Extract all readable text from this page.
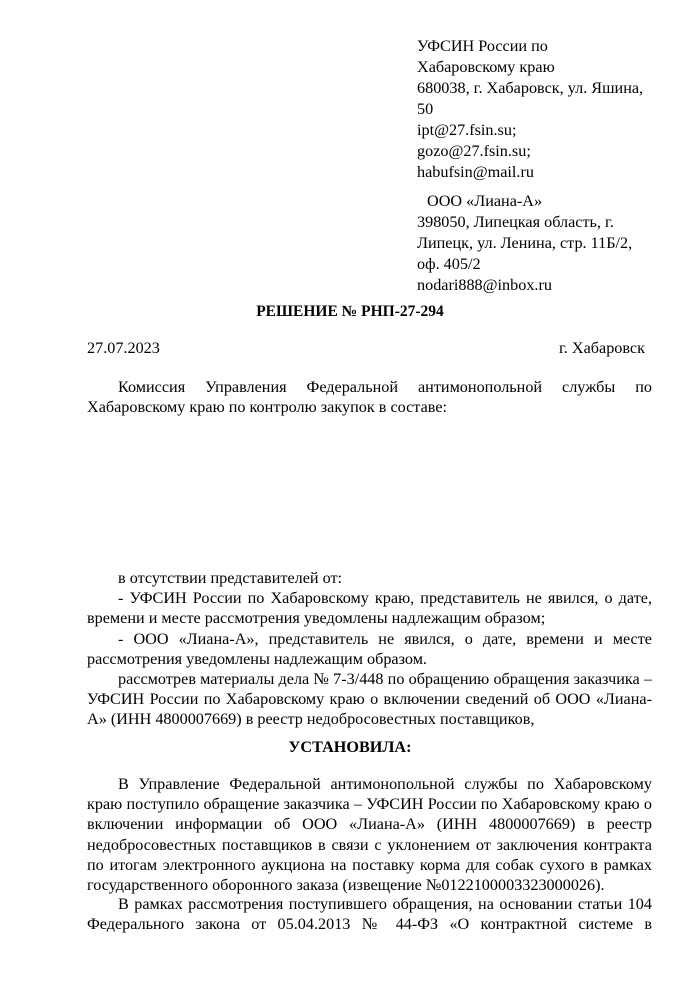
УФСИН России по
Хабаровскому краю
680038, г. Хабаровск, ул. Яшина,
50
ipt@27.fsin.su;
gozo@27.fsin.su;
habufsin@mail.ru
ООО «Лиана-А»
398050, Липецкая область, г.
Липецк, ул. Ленина, стр. 11Б/2,
оф. 405/2
nodari888@inbox.ru
РЕШЕНИЕ № РНП-27-294
27.07.2023	г. Хабаровск
Комиссия Управления Федеральной антимонопольной службы по Хабаровскому краю по контролю закупок в составе:
в отсутствии представителей от:
- УФСИН России по Хабаровскому краю, представитель не явился, о дате, времени и месте рассмотрения уведомлены надлежащим образом;
- ООО «Лиана-А», представитель не явился, о дате, времени и месте рассмотрения уведомлены надлежащим образом.
рассмотрев материалы дела № 7-3/448 по обращению обращения заказчика – УФСИН России по Хабаровскому краю о включении сведений об ООО «Лиана-А» (ИНН 4800007669) в реестр недобросовестных поставщиков,
УСТАНОВИЛА:
В Управление Федеральной антимонопольной службы по Хабаровскому краю поступило обращение заказчика – УФСИН России по Хабаровскому краю о включении информации об ООО «Лиана-А» (ИНН 4800007669) в реестр недобросовестных поставщиков в связи с уклонением от заключения контракта по итогам электронного аукциона на поставку корма для собак сухого в рамках государственного оборонного заказа (извещение №0122100003323000026).
В рамках рассмотрения поступившего обращения, на основании статьи 104 Федерального закона от 05.04.2013 № 44-ФЗ «О контрактной системе в
